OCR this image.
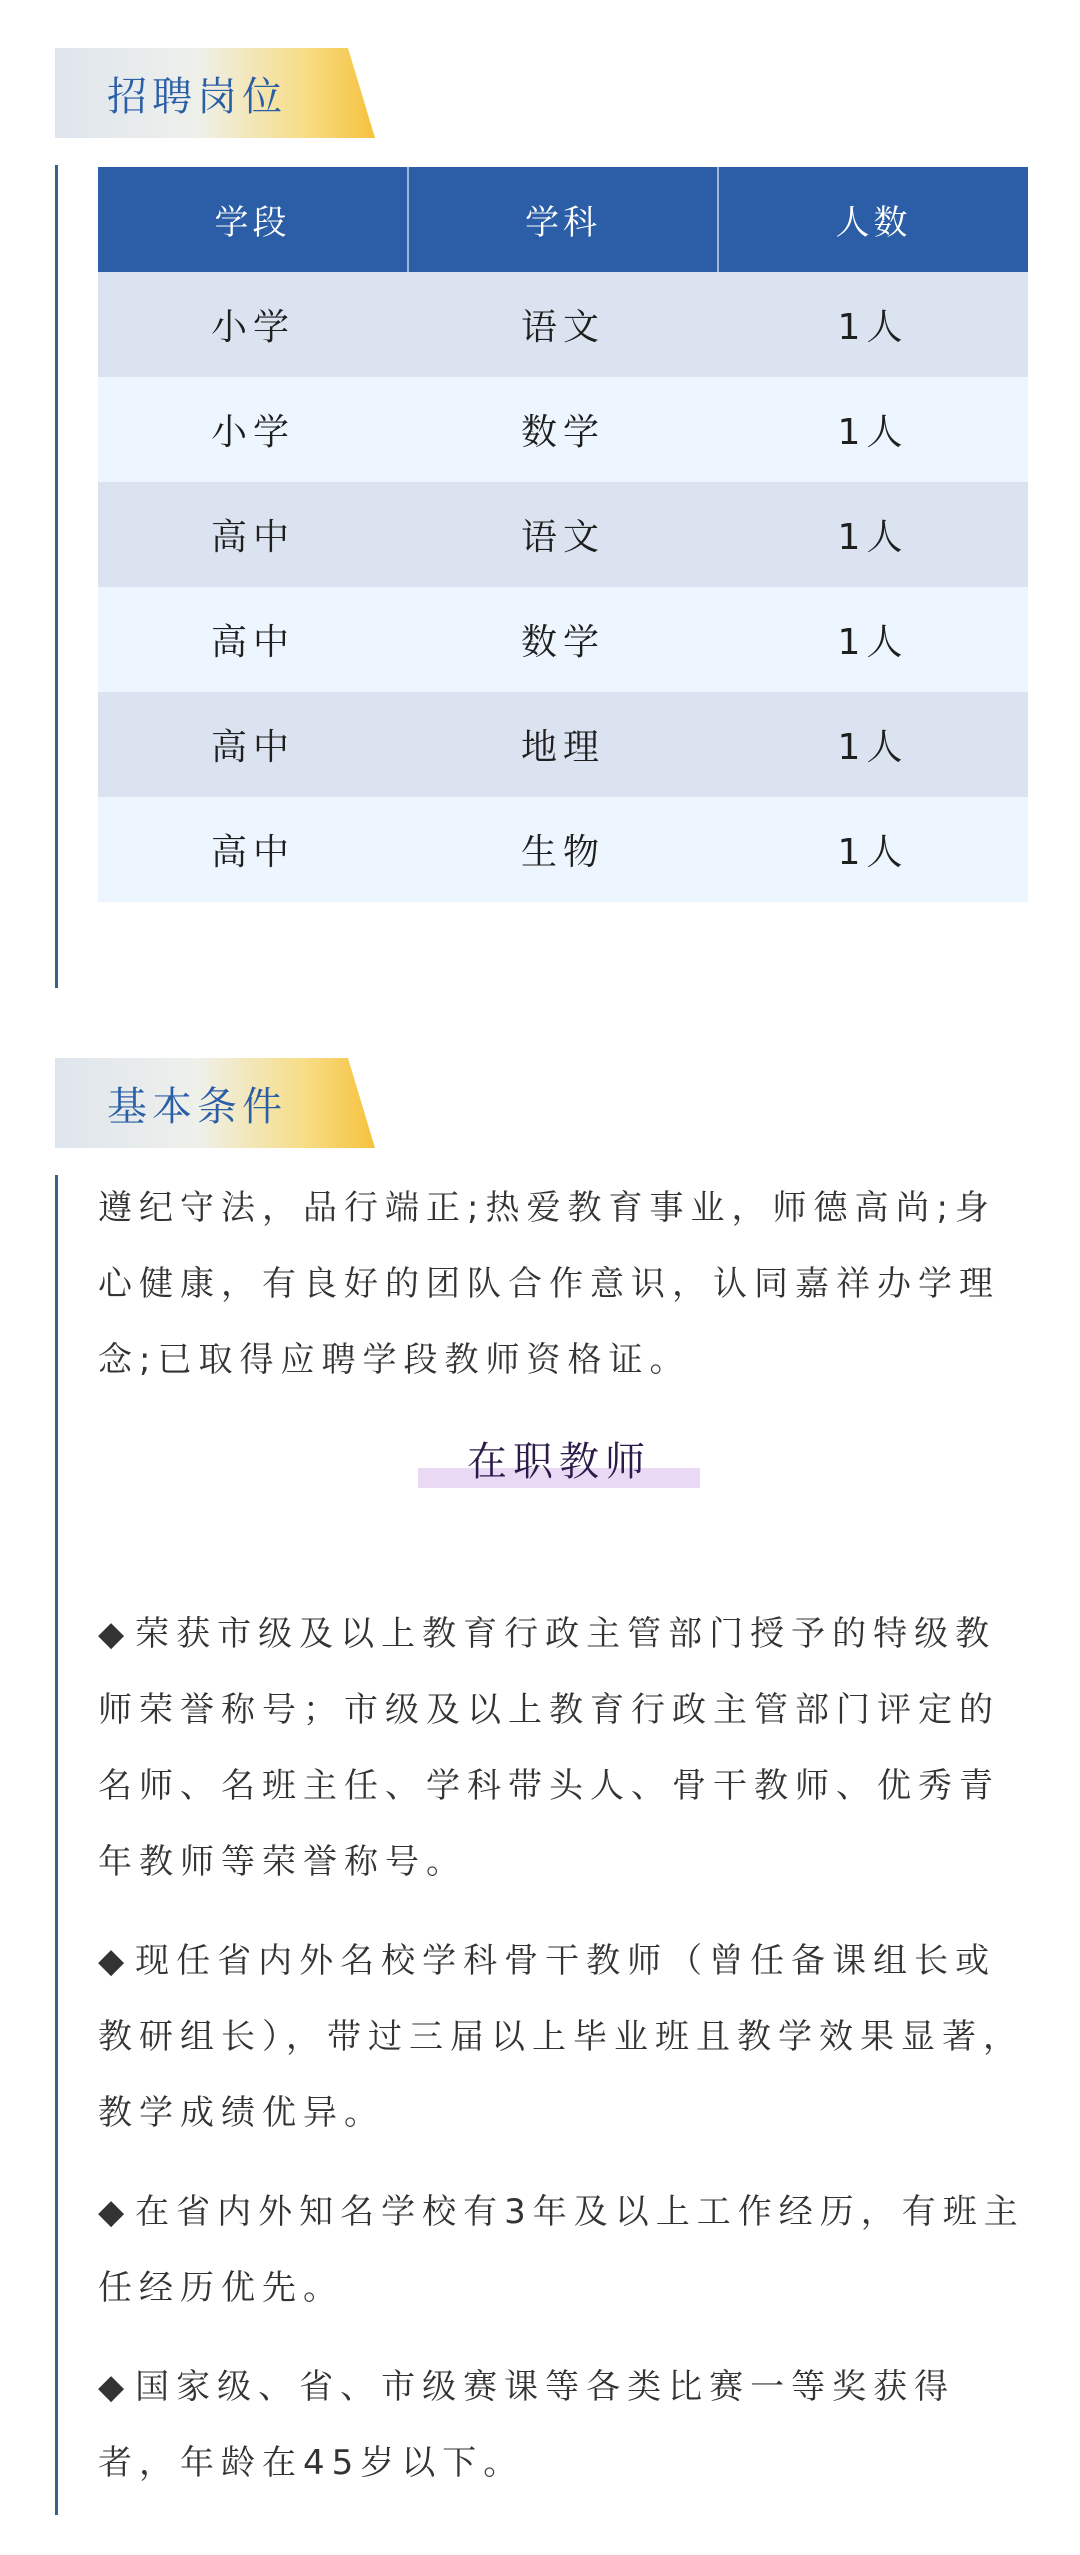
招聘岗位
学段	学科	人数
小学	语文	1人
小学	数学	1人
高中	语文	1人
高中	数学	1人
高中	地理	1人
高中	生物	1人
基本条件

遵纪守法，品行端正;热爱教育事业，师德高尚;身心健康，有良好的团队合作意识，认同嘉祥办学理念;已取得应聘学段教师资格证。

在职教师
◆ 荣获市级及以上教育行政主管部门授予的特级教师荣誉称号；市级及以上教育行政主管部门评定的名师、名班主任、学科带头人、骨干教师、优秀青年教师等荣誉称号。
◆ 现任省内外名校学科骨干教师（曾任备课组长或教研组长），带过三届以上毕业班且教学效果显著，教学成绩优异。
◆ 在省内外知名学校有3年及以上工作经历，有班主任经历优先。
◆ 国家级、省、市级赛课等各类比赛一等奖获得者，年龄在45岁以下。
